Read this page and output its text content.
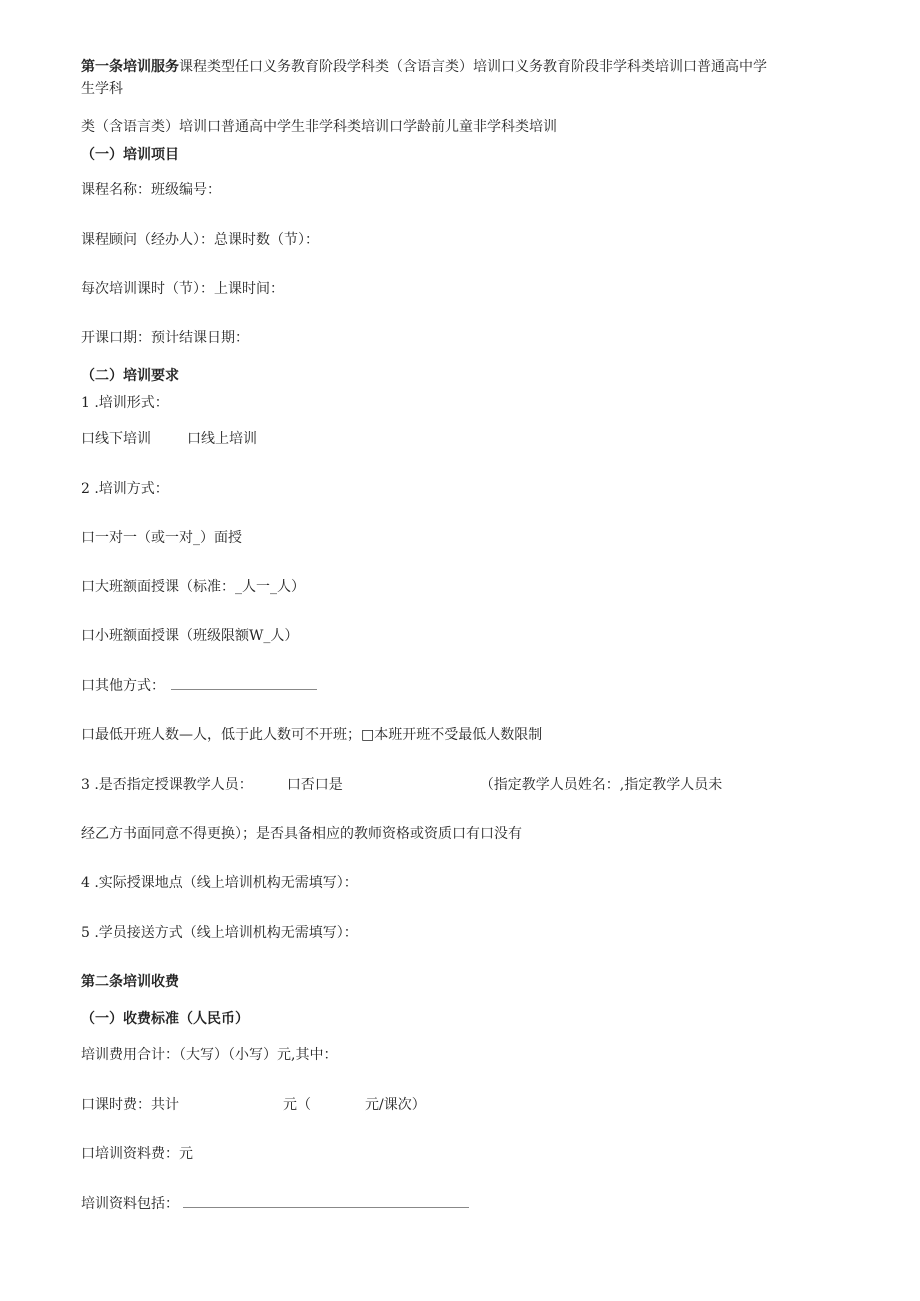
第一条培训服务课程类型任口义务教育阶段学科类（含语言类）培训口义务教育阶段非学科类培训口普通高中学
生学科
类（含语言类）培训口普通高中学生非学科类培训口学龄前儿童非学科类培训
（一）培训项目
课程名称：班级编号：
课程顾问（经办人）：总课时数（节）：
每次培训课时（节）：上课时间：
开课口期：预计结课日期：
（二）培训要求
1 .培训形式：
口线下培训	口线上培训
2 .培训方式：
口一对一（或一对_）面授
口大班额面授课（标准：_人一_人）
口小班额面授课（班级限额W_人）
口其他方式：
口最低开班人数—人，低于此人数可不开班；□本班开班不受最低人数限制
3 .是否指定授课教学人员： 口否口是	（指定教学人员姓名：,指定教学人员未
经乙方书面同意不得更换）；是否具备相应的教师资格或资质口有口没有
4 .实际授课地点（线上培训机构无需填写）：
5 .学员接送方式（线上培训机构无需填写）：
第二条培训收费
（一）收费标准（人民币）
培训费用合计：（大写）（小写）元,其中：
口课时费：共计	元（	元/课次）
口培训资料费：元
培训资料包括：
